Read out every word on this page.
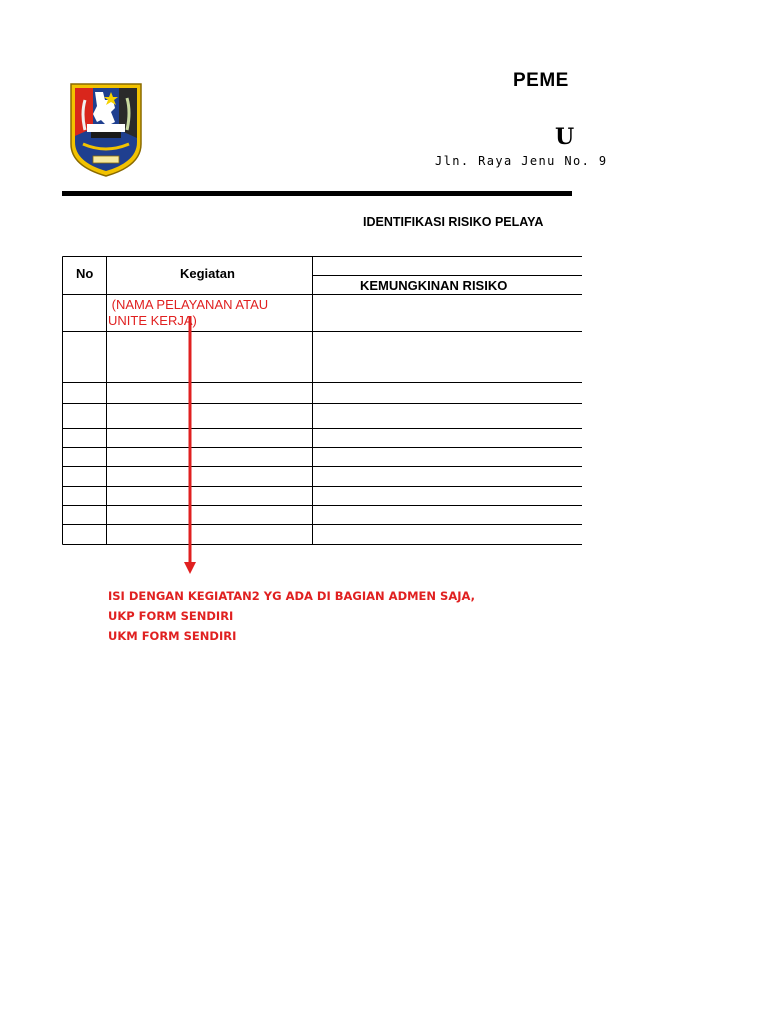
PEME
U
Jln. Raya Jenu No. 9
IDENTIFIKASI RISIKO PELAYA
No	Kegiatan
KEMUNGKINAN RISIKO
(NAMA PELAYANAN ATAU
UNITE KERJA)
ISI DENGAN KEGIATAN2 YG ADA DI BAGIAN ADMEN SAJA,
UKP FORM SENDIRI
UKM FORM SENDIRI
